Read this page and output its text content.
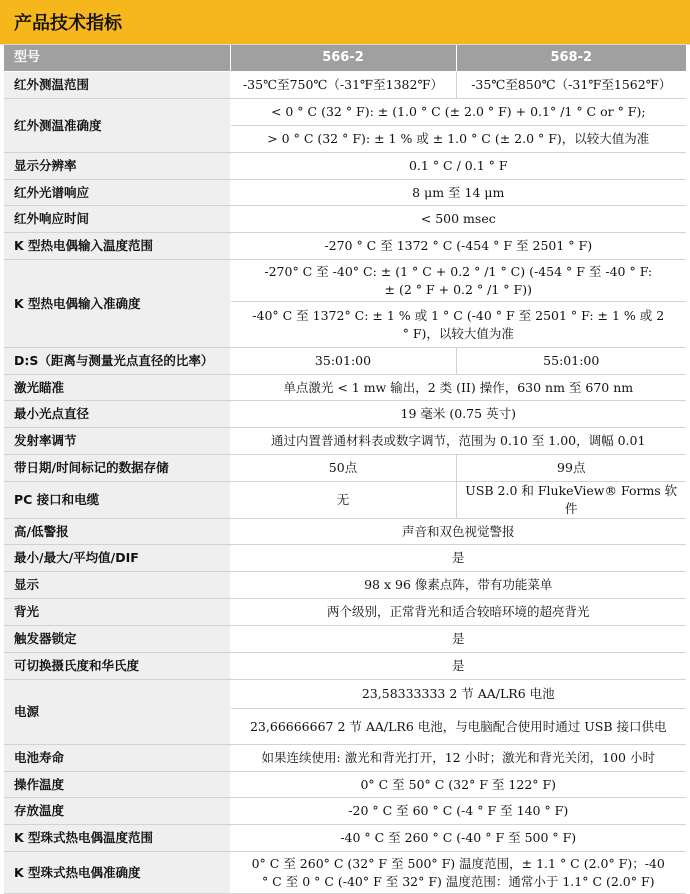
产品技术指标
型号	566-2	568-2
红外测温范围	-35℃至750℃（-31℉至1382℉）	-35℃至850℃（-31℉至1562℉）
红外测温准确度	< 0 ° C (32 ° F): ± (1.0 ° C (± 2.0 ° F) + 0.1° /1 ° C or ° F);	
	> 0 ° C (32 ° F): ± 1 % 或 ± 1.0 ° C (± 2.0 ° F)，以较大值为准	
显示分辨率	0.1 ° C / 0.1 ° F	
红外光谱响应	8 μm 至 14 μm	
红外响应时间	< 500 msec	
K 型热电偶输入温度范围	-270 ° C 至 1372 ° C (-454 ° F 至 2501 ° F)	
K 型热电偶输入准确度	-270° C 至 -40° C: ± (1 ° C + 0.2 ° /1 ° C) (-454 ° F 至 -40 ° F:
± (2 ° F + 0.2 ° /1 ° F))	

	-40° C 至 1372° C: ± 1 % 或 1 ° C (-40 ° F 至 2501 ° F: ± 1 % 或 2
° F)，以较大值为准	

D:S（距离与测量光点直径的比率）	35:01:00	55:01:00
激光瞄准	单点激光 < 1 mw 输出，2 类 (II) 操作，630 nm 至 670 nm	
最小光点直径	19 毫米 (0.75 英寸)	
发射率调节	通过内置普通材料表或数字调节，范围为 0.10 至 1.00，调幅 0.01	
带日期/时间标记的数据存储	50点	99点
PC 接口和电缆	无	USB 2.0 和 FlukeView® Forms 软件
高/低警报	声音和双色视觉警报	
最小/最大/平均值/DIF	是	
显示	98 x 96 像素点阵，带有功能菜单	
背光	两个级别，正常背光和适合较暗环境的超亮背光	
触发器锁定	是	
可切换摄氏度和华氏度	是	
电源	23,58333333 2 节 AA/LR6 电池	
	23,66666667 2 节 AA/LR6 电池，与电脑配合使用时通过 USB 接口供电	
电池寿命	如果连续使用: 激光和背光打开，12 小时；激光和背光关闭，100 小时	
操作温度	0° C 至 50° C (32° F 至 122° F)	
存放温度	-20 ° C 至 60 ° C (-4 ° F 至 140 ° F)	
K 型珠式热电偶温度范围	-40 ° C 至 260 ° C (-40 ° F 至 500 ° F)	
K 型珠式热电偶准确度	0° C 至 260° C (32° F 至 500° F) 温度范围，± 1.1 ° C (2.0° F)；-40
° C 至 0 ° C (-40° F 至 32° F) 温度范围：通常小于 1.1° C (2.0° F)	
